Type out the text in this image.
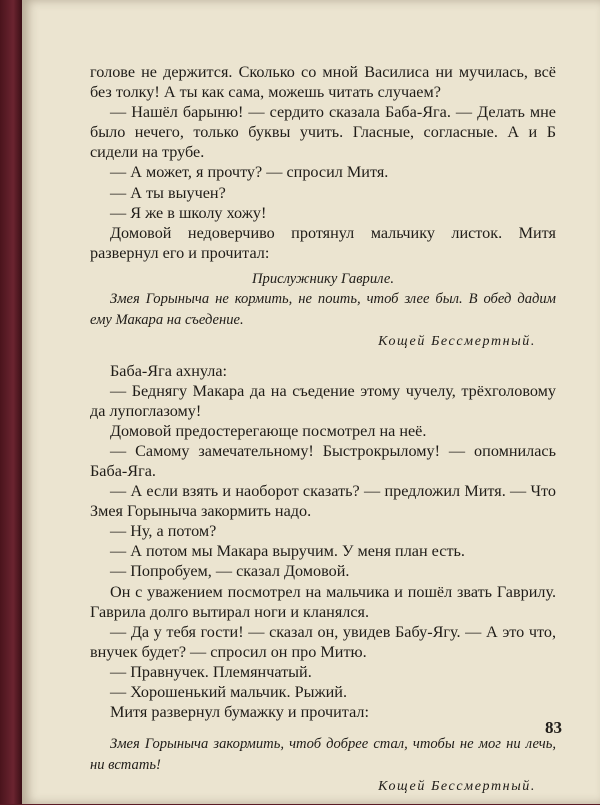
голове не держится. Сколько со мной Василиса ни мучилась, всё без толку! А ты как сама, можешь читать случаем?

— Нашёл барыню! — сердито сказала Баба-Яга. — Делать мне было нечего, только буквы учить. Гласные, согласные. А и Б сидели на трубе.

— А может, я прочту? — спросил Митя.

— А ты выучен?

— Я же в школу хожу!

Домовой недоверчиво протянул мальчику листок. Митя развернул его и прочитал:

Прислужнику Гавриле.

Змея Горыныча не кормить, не поить, чтоб злее был. В обед дадим ему Макара на съедение.

Кощей Бессмертный.

Баба-Яга ахнула:

— Беднягу Макара да на съедение этому чучелу, трёхголовому да лупоглазому!

Домовой предостерегающе посмотрел на неё.

— Самому замечательному! Быстрокрылому! — опомнилась Баба-Яга.

— А если взять и наоборот сказать? — предложил Митя. — Что Змея Горыныча закормить надо.

— Ну, а потом?

— А потом мы Макара выручим. У меня план есть.

— Попробуем, — сказал Домовой.

Он с уважением посмотрел на мальчика и пошёл звать Гаврилу. Гаврила долго вытирал ноги и кланялся.

— Да у тебя гости! — сказал он, увидев Бабу-Ягу. — А это что, внучек будет? — спросил он про Митю.

— Правнучек. Племянчатый.

— Хорошенький мальчик. Рыжий.

Митя развернул бумажку и прочитал:

Змея Горыныча закормить, чтоб добрее стал, чтобы не мог ни лечь, ни встать!

Кощей Бессмертный.

83
